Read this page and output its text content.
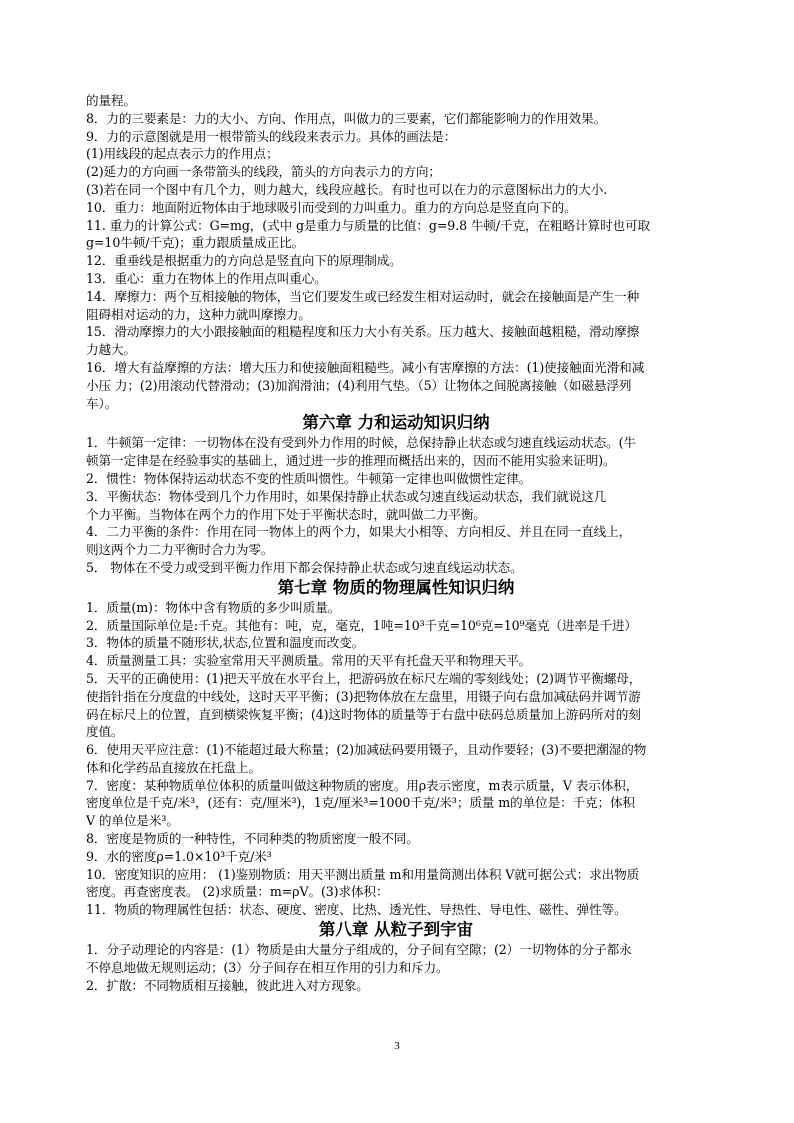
的量程。
8．力的三要素是：力的大小、方向、作用点，叫做力的三要素，它们都能影响力的作用效果。
9．力的示意图就是用一根带箭头的线段来表示力。具体的画法是：
(1)用线段的起点表示力的作用点；
(2)延力的方向画一条带箭头的线段，箭头的方向表示力的方向；
(3)若在同一个图中有几个力，则力越大，线段应越长。有时也可以在力的示意图标出力的大小.
10．重力：地面附近物体由于地球吸引而受到的力叫重力。重力的方向总是竖直向下的。
11. 重力的计算公式：G=mg，(式中 g是重力与质量的比值：g=9.8 牛顿/千克，在粗略计算时也可取
g=10牛顿/千克)；重力跟质量成正比。
12．重垂线是根据重力的方向总是竖直向下的原理制成。
13．重心：重力在物体上的作用点叫重心。
14．摩擦力：两个互相接触的物体，当它们要发生或已经发生相对运动时，就会在接触面是产生一种
阻碍相对运动的力，这种力就叫摩擦力。
15．滑动摩擦力的大小跟接触面的粗糙程度和压力大小有关系。压力越大、接触面越粗糙，滑动摩擦
力越大。
16．增大有益摩擦的方法：增大压力和使接触面粗糙些。减小有害摩擦的方法：(1)使接触面光滑和减
小压 力；(2)用滚动代替滑动；(3)加润滑油；(4)利用气垫。（5）让物体之间脱离接触（如磁悬浮列
车）。
第六章 力和运动知识归纳
1．牛顿第一定律：一切物体在没有受到外力作用的时候，总保持静止状态或匀速直线运动状态。(牛
顿第一定律是在经验事实的基础上，通过进一步的推理而概括出来的，因而不能用实验来证明)。
2．惯性：物体保持运动状态不变的性质叫惯性。牛顿第一定律也叫做惯性定律。
3．平衡状态：物体受到几个力作用时，如果保持静止状态或匀速直线运动状态，我们就说这几
个力平衡。当物体在两个力的作用下处于平衡状态时，就叫做二力平衡。
4．二力平衡的条件：作用在同一物体上的两个力，如果大小相等、方向相反、并且在同一直线上，
则这两个力二力平衡时合力为零。
5． 物体在不受力或受到平衡力作用下都会保持静止状态或匀速直线运动状态。
第七章 物质的物理属性知识归纳
1．质量(m)：物体中含有物质的多少叫质量。
2．质量国际单位是:千克。其他有：吨，克，毫克，1吨=10³千克=10⁶克=10⁹毫克（进率是千进）
3．物体的质量不随形状,状态,位置和温度而改变。
4．质量测量工具：实验室常用天平测质量。常用的天平有托盘天平和物理天平。
5．天平的正确使用：(1)把天平放在水平台上，把游码放在标尺左端的零刻线处；(2)调节平衡螺母，
使指针指在分度盘的中线处，这时天平平衡；(3)把物体放在左盘里，用镊子向右盘加减砝码并调节游
码在标尺上的位置，直到横梁恢复平衡；(4)这时物体的质量等于右盘中砝码总质量加上游码所对的刻
度值。
6．使用天平应注意：(1)不能超过最大称量；(2)加减砝码要用镊子，且动作要轻；(3)不要把潮湿的物
体和化学药品直接放在托盘上。
7．密度：某种物质单位体积的质量叫做这种物质的密度。用ρ表示密度，m表示质量，V 表示体积，
密度单位是千克/米³，(还有：克/厘米³)，1克/厘米³=1000千克/米³；质量 m的单位是：千克；体积
V 的单位是米³。
8．密度是物质的一种特性，不同种类的物质密度一般不同。
9．水的密度ρ=1.0×10³千克/米³
10．密度知识的应用： (1)鉴别物质：用天平测出质量 m和用量筒测出体积 V就可据公式：求出物质
密度。再查密度表。 (2)求质量：m=ρV。(3)求体积：
11．物质的物理属性包括：状态、硬度、密度、比热、透光性、导热性、导电性、磁性、弹性等。
第八章 从粒子到宇宙
1．分子动理论的内容是：(1）物质是由大量分子组成的，分子间有空隙；(2）一切物体的分子都永
不停息地做无规则运动；(3）分子间存在相互作用的引力和斥力。
2．扩散：不同物质相互接触，彼此进入对方现象。
3
